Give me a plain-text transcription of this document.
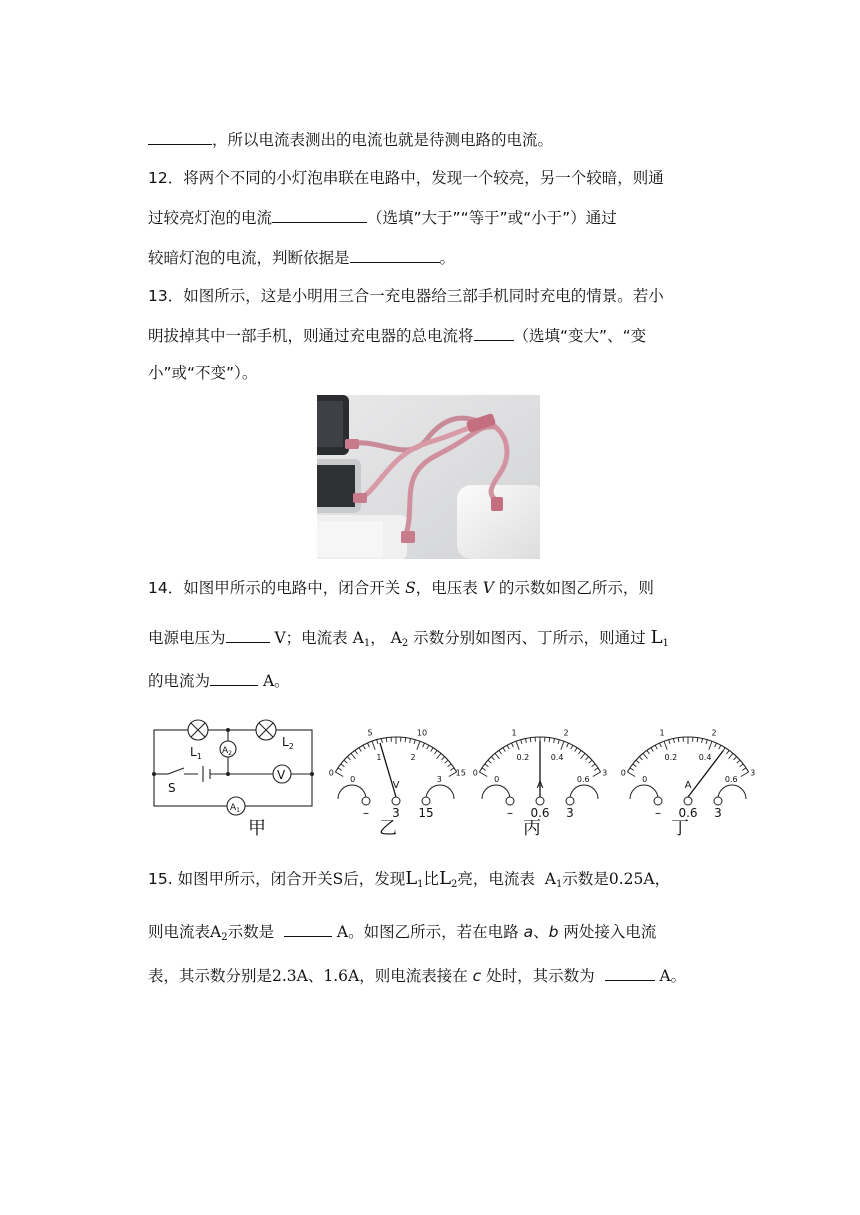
，所以电流表测出的电流也就是待测电路的电流。
12．将两个不同的小灯泡串联在电路中，发现一个较亮，另一个较暗，则通
过较亮灯泡的电流	（选填”大于”“等于”或“小于”）通过
较暗灯泡的电流，判断依据是	。
13．如图所示，这是小明用三合一充电器给三部手机同时充电的情景。若小
明拔掉其中一部手机，则通过充电器的总电流将	（选填“变大”、“变
小”或“不变”）。
14．如图甲所示的电路中，闭合开关 S，电压表 V 的示数如图乙所示，则
电源电压为	V；电流表 $A_1$， $A_2$ 示数分别如图丙、丁所示，则通过 $L_1$
的电流为	A。
$L_1$
$L_2$
$A_2$
V
S
$A_1$
甲
0
5	10
15
0
1	2
3
V
– 3 15
乙
0
1	2
3
0
0.2	0.4
0.6
A
– 0.6 3
丙
0
1	2
3
0
0.2	0.4
0.6
A
– 0.6 3
丁
15. 如图甲所示，闭合开关S后，发现$L_1$比$L_2$亮，电流表 $A_1$示数是0.25A，
则电流表$A_2$示数是	A。如图乙所示，若在电路 a、b 两处接入电流
表，其示数分别是2.3A、1.6A，则电流表接在 c 处时，其示数为	A。
